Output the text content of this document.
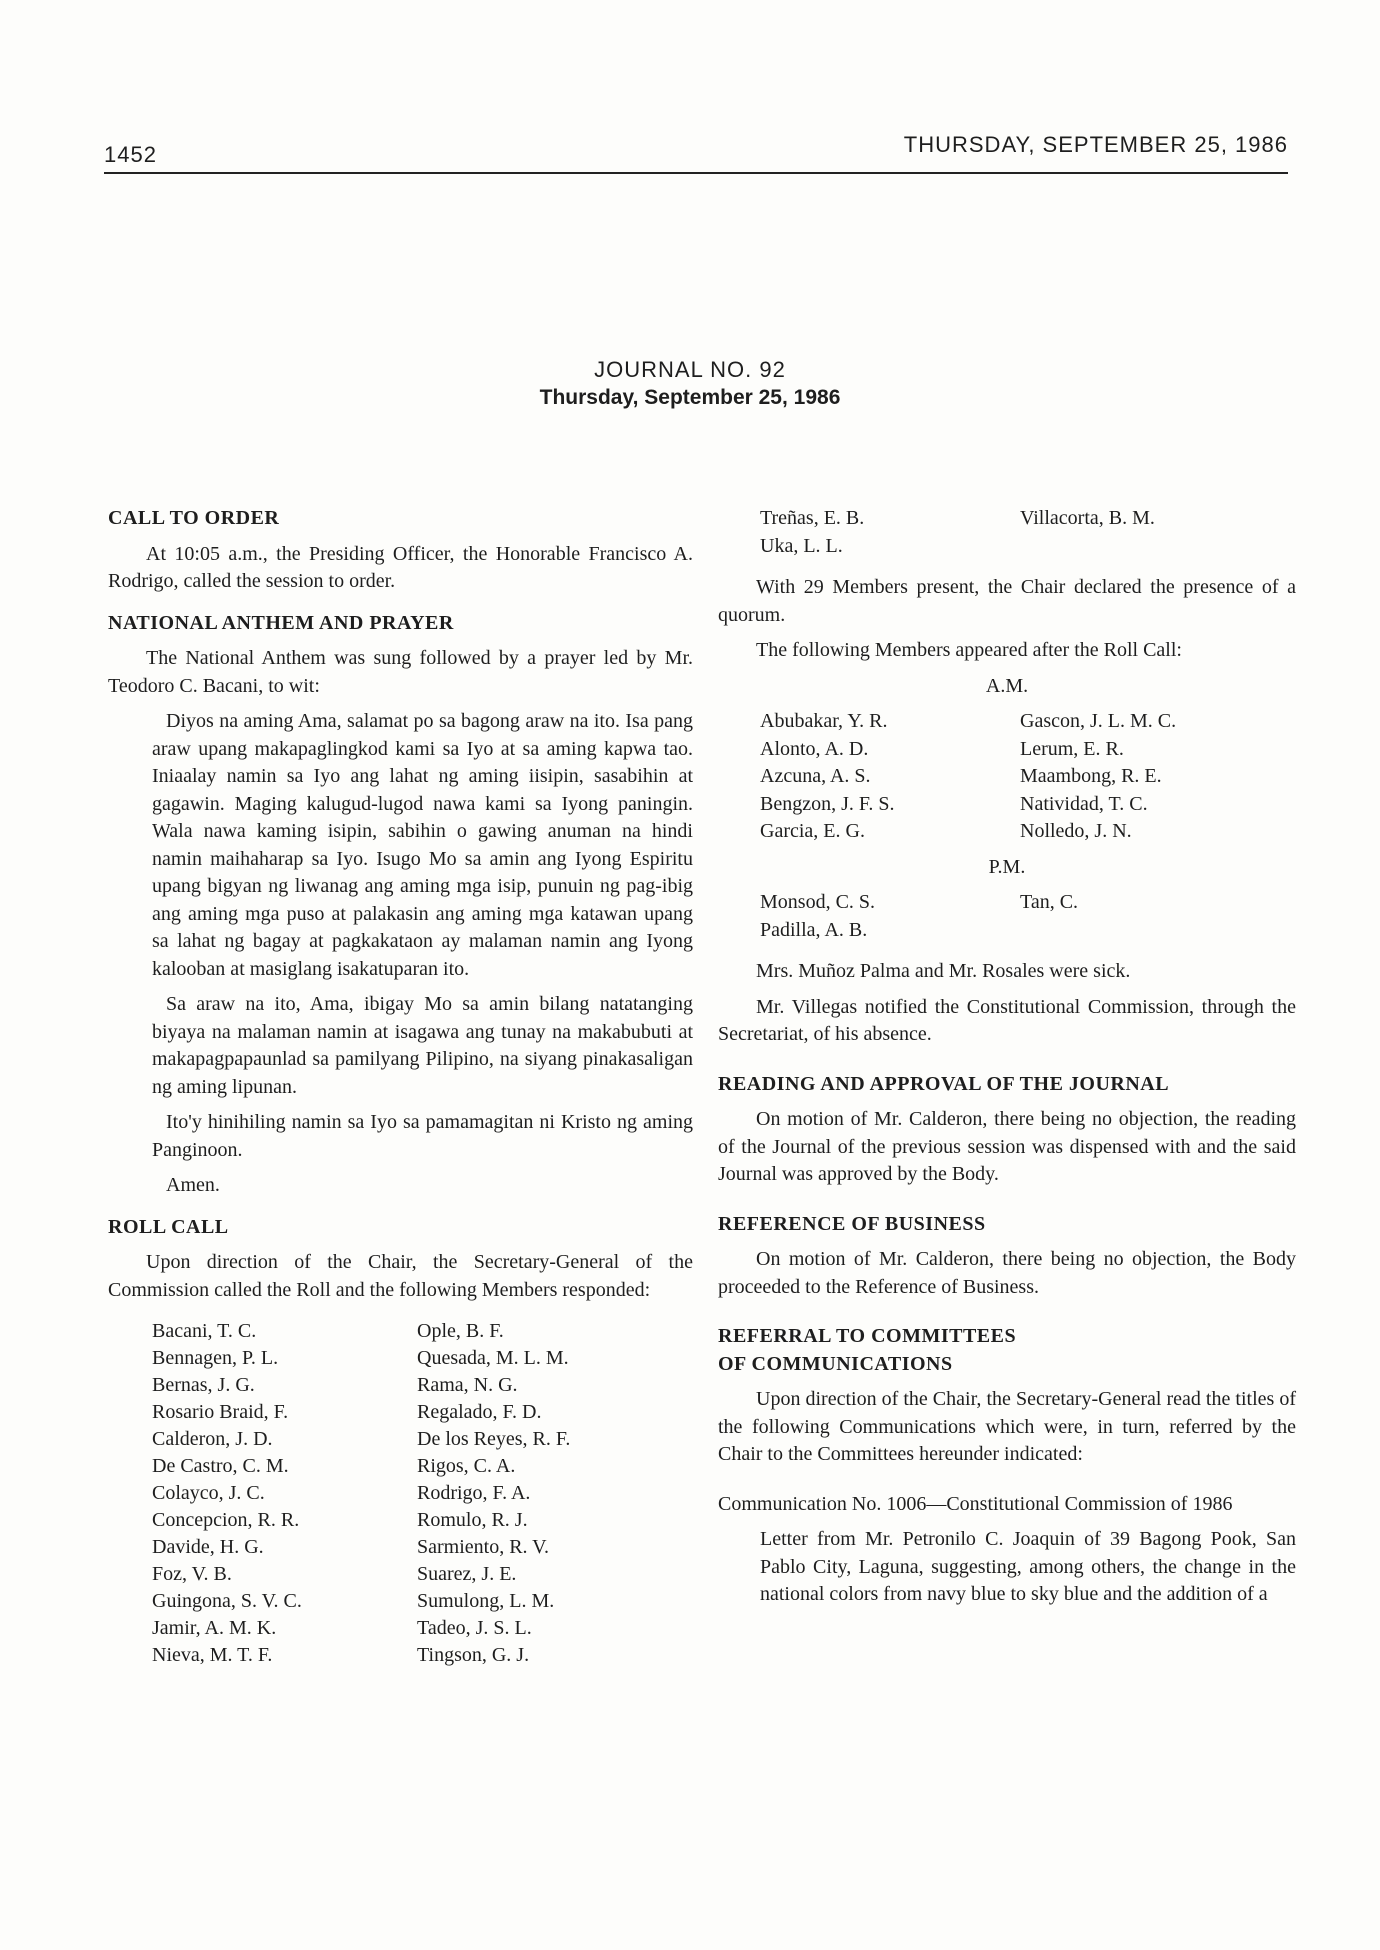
1452	THURSDAY, SEPTEMBER 25, 1986
JOURNAL NO. 92
Thursday, September 25, 1986
CALL TO ORDER

At 10:05 a.m., the Presiding Officer, the Honorable Francisco A. Rodrigo, called the session to order.

NATIONAL ANTHEM AND PRAYER

The National Anthem was sung followed by a prayer led by Mr. Teodoro C. Bacani, to wit:

Diyos na aming Ama, salamat po sa bagong araw na ito. Isa pang araw upang makapaglingkod kami sa Iyo at sa aming kapwa tao. Iniaalay namin sa Iyo ang lahat ng aming iisipin, sasabihin at gagawin. Maging kalugud-lugod nawa kami sa Iyong paningin. Wala nawa kaming isipin, sabihin o gawing anuman na hindi namin maihaharap sa Iyo. Isugo Mo sa amin ang Iyong Espiritu upang bigyan ng liwanag ang aming mga isip, punuin ng pag-ibig ang aming mga puso at palakasin ang aming mga katawan upang sa lahat ng bagay at pagkakataon ay malaman namin ang Iyong kalooban at masiglang isakatuparan ito.

Sa araw na ito, Ama, ibigay Mo sa amin bilang natatanging biyaya na malaman namin at isagawa ang tunay na makabubuti at makapagpapaunlad sa pamilyang Pilipino, na siyang pinakasaligan ng aming lipunan.

Ito'y hinihiling namin sa Iyo sa pamamagitan ni Kristo ng aming Panginoon.

Amen.

ROLL CALL

Upon direction of the Chair, the Secretary-General of the Commission called the Roll and the following Members responded:

Bacani, T. C.	Ople, B. F.
Bennagen, P. L.	Quesada, M. L. M.
Bernas, J. G.	Rama, N. G.
Rosario Braid, F.	Regalado, F. D.
Calderon, J. D.	De los Reyes, R. F.
De Castro, C. M.	Rigos, C. A.
Colayco, J. C.	Rodrigo, F. A.
Concepcion, R. R.	Romulo, R. J.
Davide, H. G.	Sarmiento, R. V.
Foz, V. B.	Suarez, J. E.
Guingona, S. V. C.	Sumulong, L. M.
Jamir, A. M. K.	Tadeo, J. S. L.
Nieva, M. T. F.	Tingson, G. J.
Treñas, E. B.	Villacorta, B. M.
Uka, L. L.

With 29 Members present, the Chair declared the presence of a quorum.

The following Members appeared after the Roll Call:

A.M.
Abubakar, Y. R.	Gascon, J. L. M. C.
Alonto, A. D.	Lerum, E. R.
Azcuna, A. S.	Maambong, R. E.
Bengzon, J. F. S.	Natividad, T. C.
Garcia, E. G.	Nolledo, J. N.
P.M.
Monsod, C. S.	Tan, C.
Padilla, A. B.

Mrs. Muñoz Palma and Mr. Rosales were sick.

Mr. Villegas notified the Constitutional Commission, through the Secretariat, of his absence.

READING AND APPROVAL OF THE JOURNAL

On motion of Mr. Calderon, there being no objection, the reading of the Journal of the previous session was dispensed with and the said Journal was approved by the Body.

REFERENCE OF BUSINESS

On motion of Mr. Calderon, there being no objection, the Body proceeded to the Reference of Business.

REFERRAL TO COMMITTEES
OF COMMUNICATIONS

Upon direction of the Chair, the Secretary-General read the titles of the following Communications which were, in turn, referred by the Chair to the Committees hereunder indicated:

Communication No. 1006—Constitutional Commission of 1986

Letter from Mr. Petronilo C. Joaquin of 39 Bagong Pook, San Pablo City, Laguna, suggesting, among others, the change in the national colors from navy blue to sky blue and the addition of a
